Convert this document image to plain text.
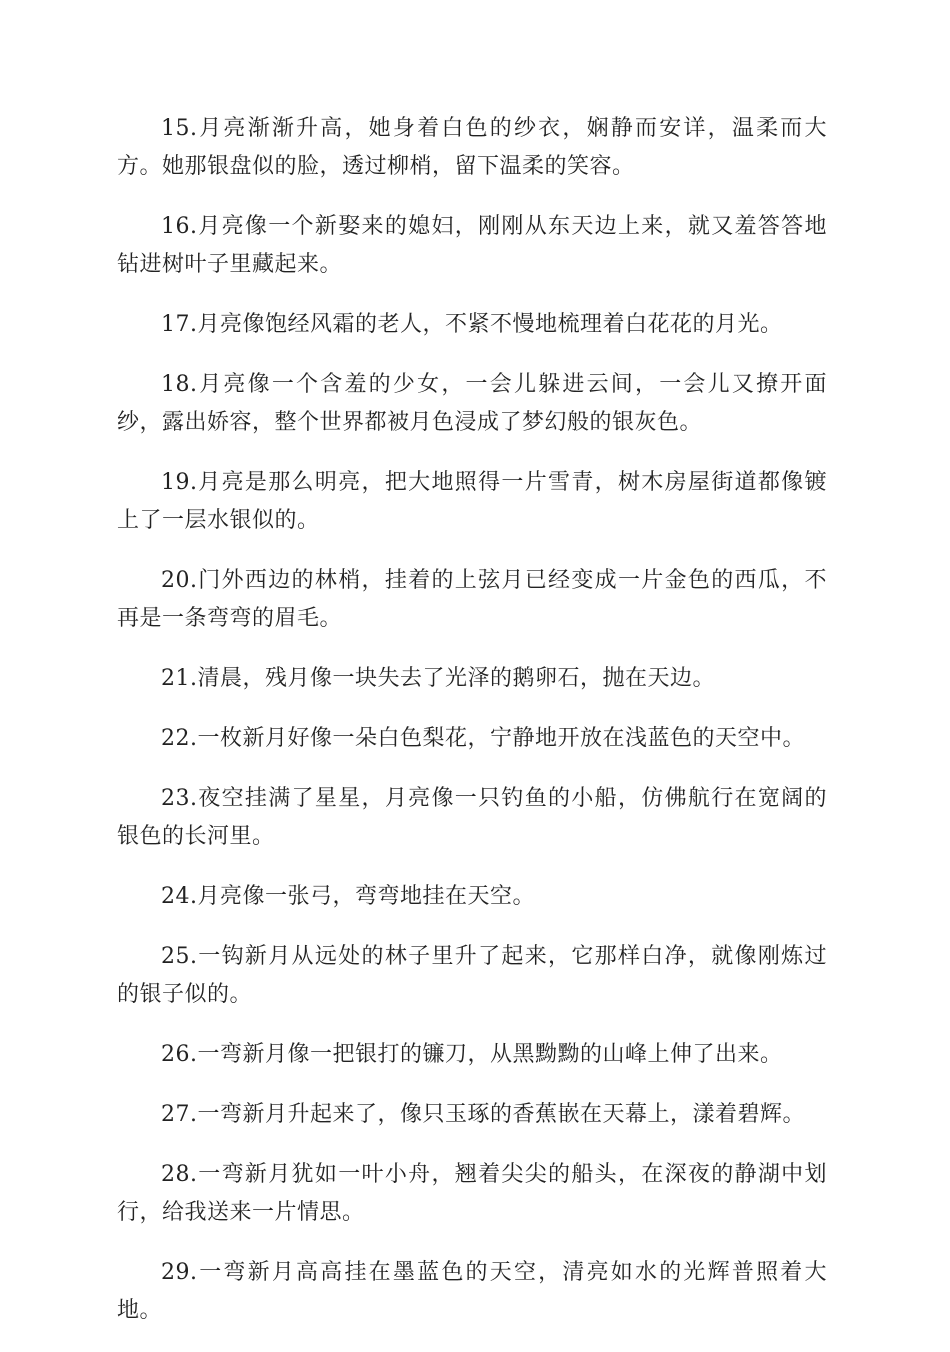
15.月亮渐渐升高，她身着白色的纱衣，娴静而安详，温柔而大方。她那银盘似的脸，透过柳梢，留下温柔的笑容。

16.月亮像一个新娶来的媳妇，刚刚从东天边上来，就又羞答答地钻进树叶子里藏起来。

17.月亮像饱经风霜的老人，不紧不慢地梳理着白花花的月光。

18.月亮像一个含羞的少女，一会儿躲进云间，一会儿又撩开面纱，露出娇容，整个世界都被月色浸成了梦幻般的银灰色。

19.月亮是那么明亮，把大地照得一片雪青，树木房屋街道都像镀上了一层水银似的。

20.门外西边的林梢，挂着的上弦月已经变成一片金色的西瓜，不再是一条弯弯的眉毛。

21.清晨，残月像一块失去了光泽的鹅卵石，抛在天边。

22.一枚新月好像一朵白色梨花，宁静地开放在浅蓝色的天空中。

23.夜空挂满了星星，月亮像一只钓鱼的小船，仿佛航行在宽阔的银色的长河里。

24.月亮像一张弓，弯弯地挂在天空。

25.一钩新月从远处的林子里升了起来，它那样白净，就像刚炼过的银子似的。

26.一弯新月像一把银打的镰刀，从黑黝黝的山峰上伸了出来。

27.一弯新月升起来了，像只玉琢的香蕉嵌在天幕上，漾着碧辉。

28.一弯新月犹如一叶小舟，翘着尖尖的船头，在深夜的静湖中划行，给我送来一片情思。

29.一弯新月高高挂在墨蓝色的天空，清亮如水的光辉普照着大地。
